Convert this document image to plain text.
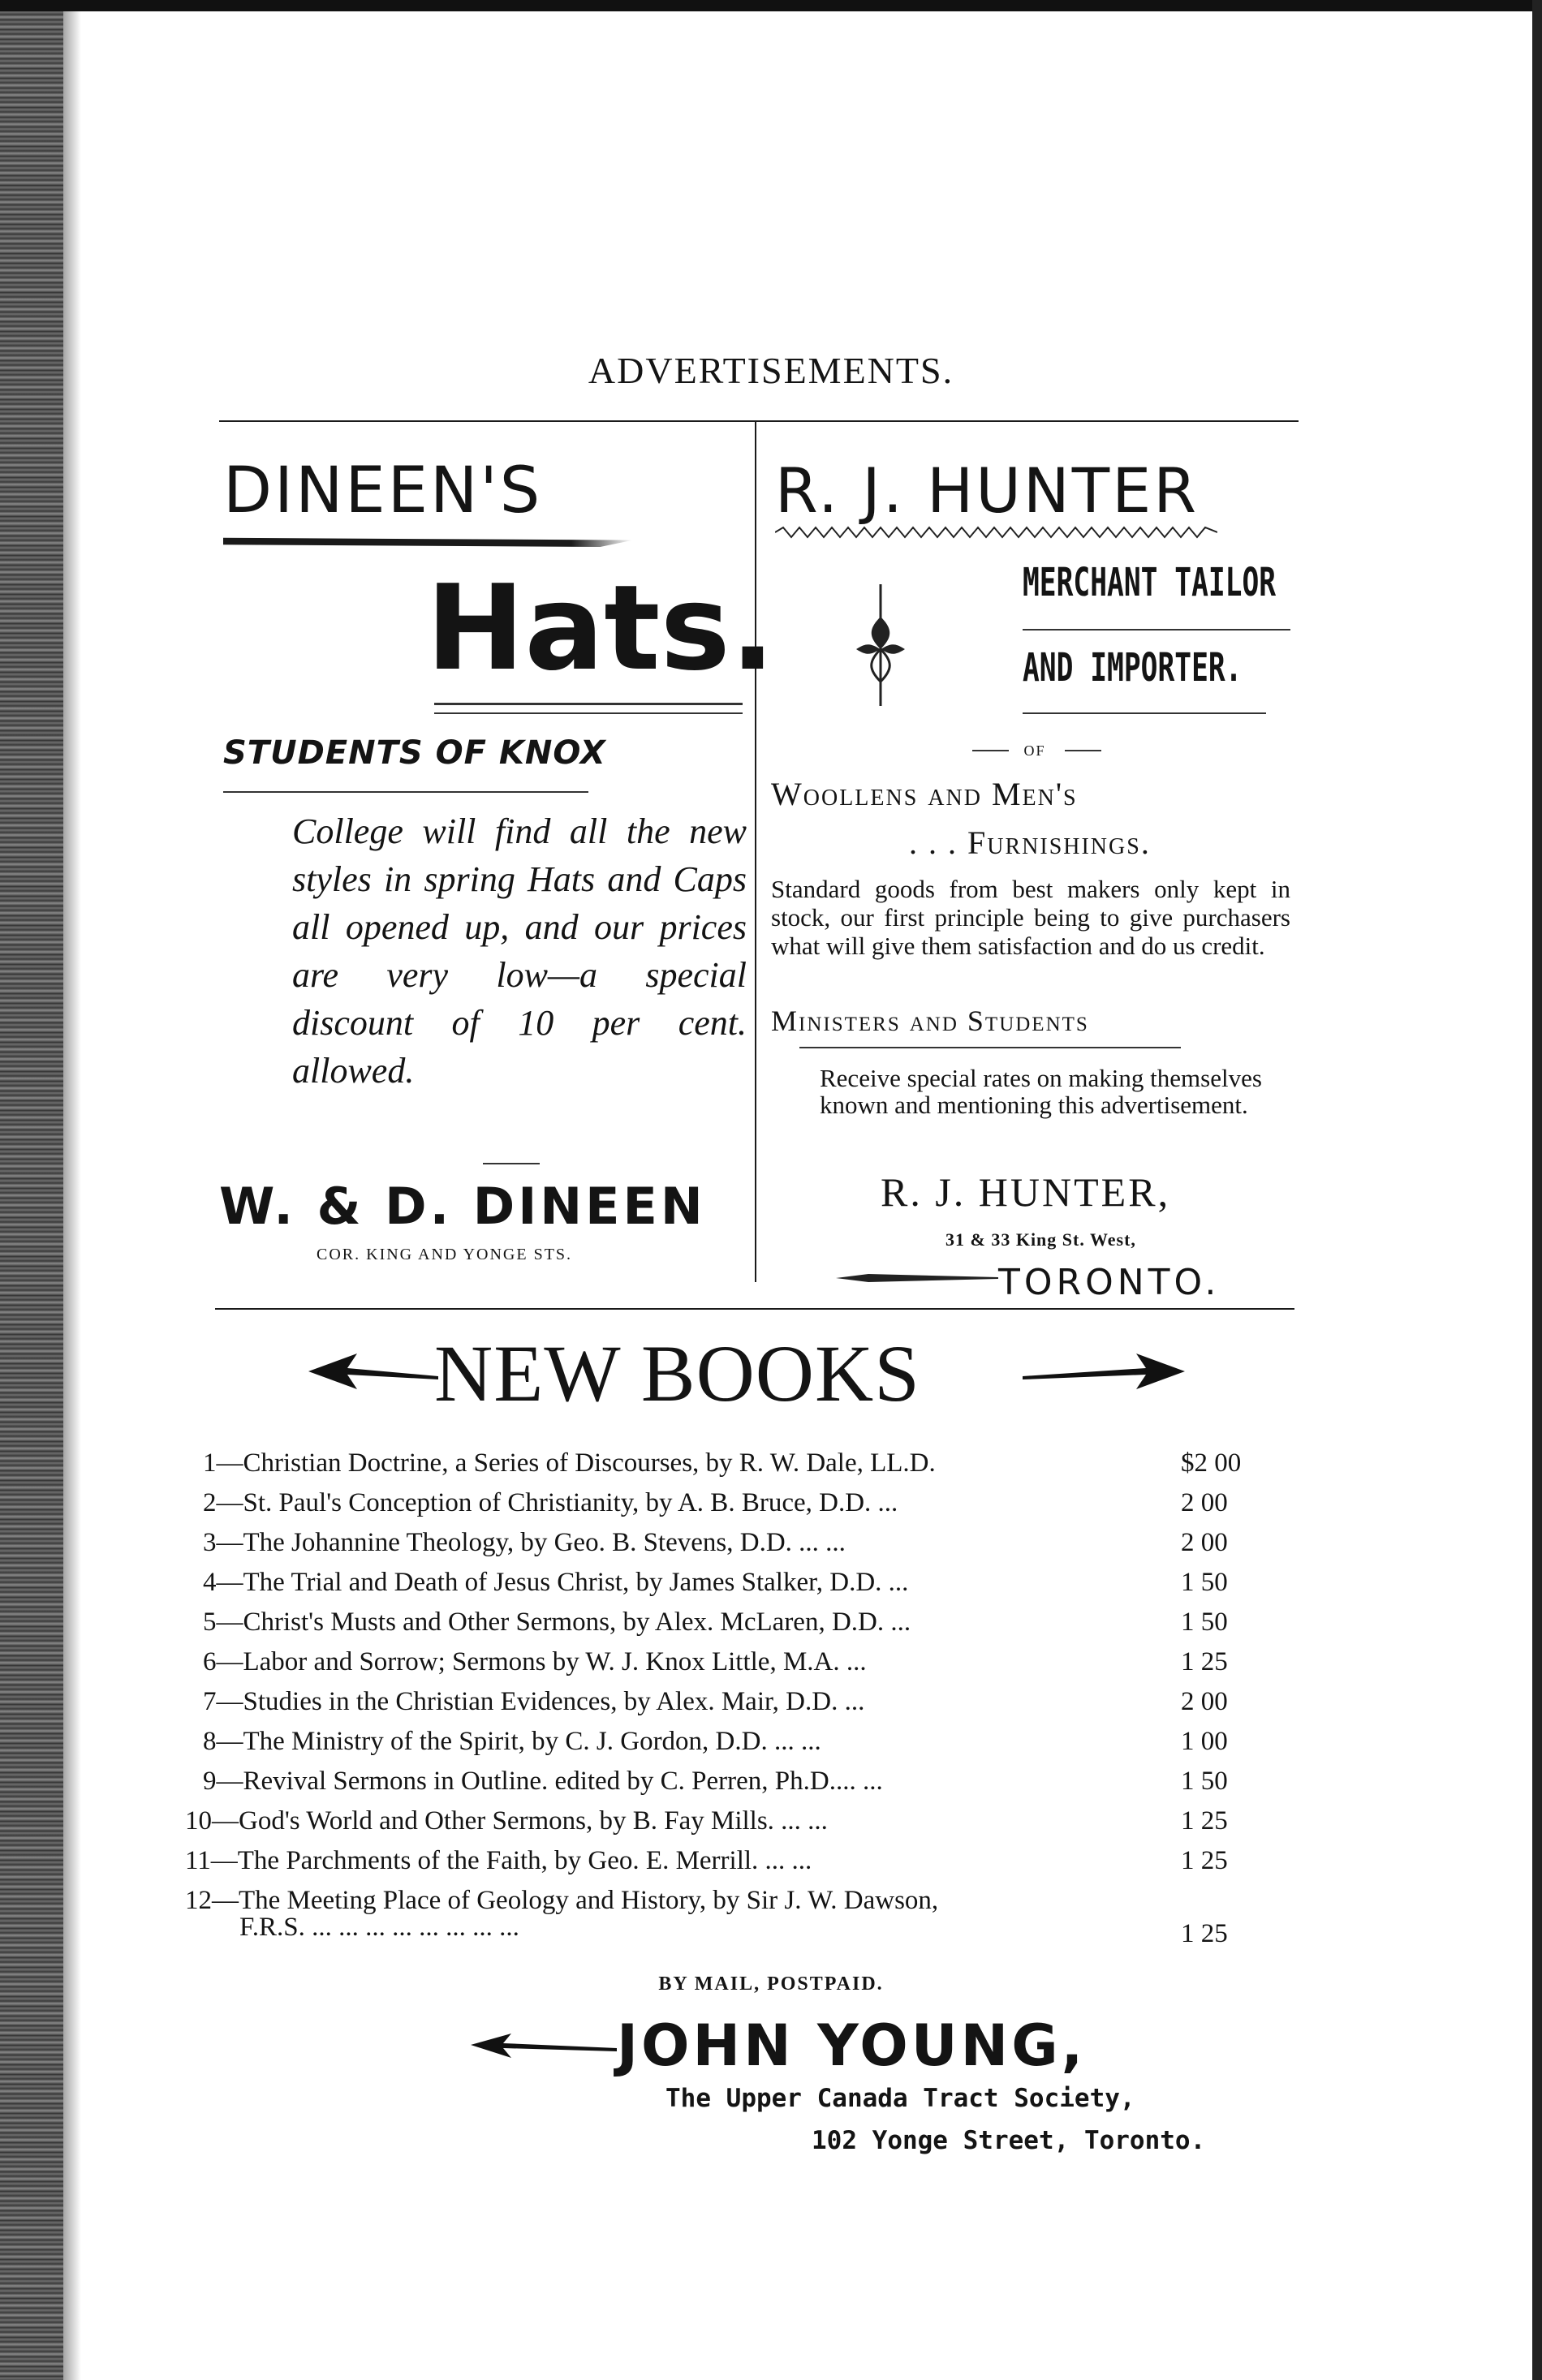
ADVERTISEMENTS.
DINEEN'S
Hats.
STUDENTS OF KNOX
College will find all the new styles in spring Hats and Caps all opened up, and our prices are very low—a special discount of 10 per cent. allowed.
W. & D. DINEEN
COR. KING AND YONGE STS.
R. J. HUNTER
MERCHANT TAILOR
AND IMPORTER.
OF
Woollens and Men's
. . . Furnishings.
Standard goods from best makers only kept in stock, our first principle being to give purchasers what will give them satisfaction and do us credit.
Ministers and Students
Receive special rates on making themselves known and mentioning this advertisement.
R. J. HUNTER,
31 & 33 King St. West,
TORONTO.
NEW BOOKS
1—Christian Doctrine, a Series of Discourses, by R. W. Dale, LL.D.	$2 00
2—St. Paul's Conception of Christianity, by A. B. Bruce, D.D. ...	2 00
3—The Johannine Theology, by Geo. B. Stevens, D.D. ... ...	2 00
4—The Trial and Death of Jesus Christ, by James Stalker, D.D. ...	1 50
5—Christ's Musts and Other Sermons, by Alex. McLaren, D.D. ...	1 50
6—Labor and Sorrow; Sermons by W. J. Knox Little, M.A. ...	1 25
7—Studies in the Christian Evidences, by Alex. Mair, D.D. ...	2 00
8—The Ministry of the Spirit, by C. J. Gordon, D.D. ... ...	1 00
9—Revival Sermons in Outline. edited by C. Perren, Ph.D.... ...	1 50
10—God's World and Other Sermons, by B. Fay Mills. ... ...	1 25
11—The Parchments of the Faith, by Geo. E. Merrill. ... ...	1 25
12—The Meeting Place of Geology and History, by Sir J. W. Dawson,
F.R.S. ... ... ... ... ... ... ... ...	1 25
BY MAIL, POSTPAID.
JOHN YOUNG,
The Upper Canada Tract Society,
102 Yonge Street, Toronto.
